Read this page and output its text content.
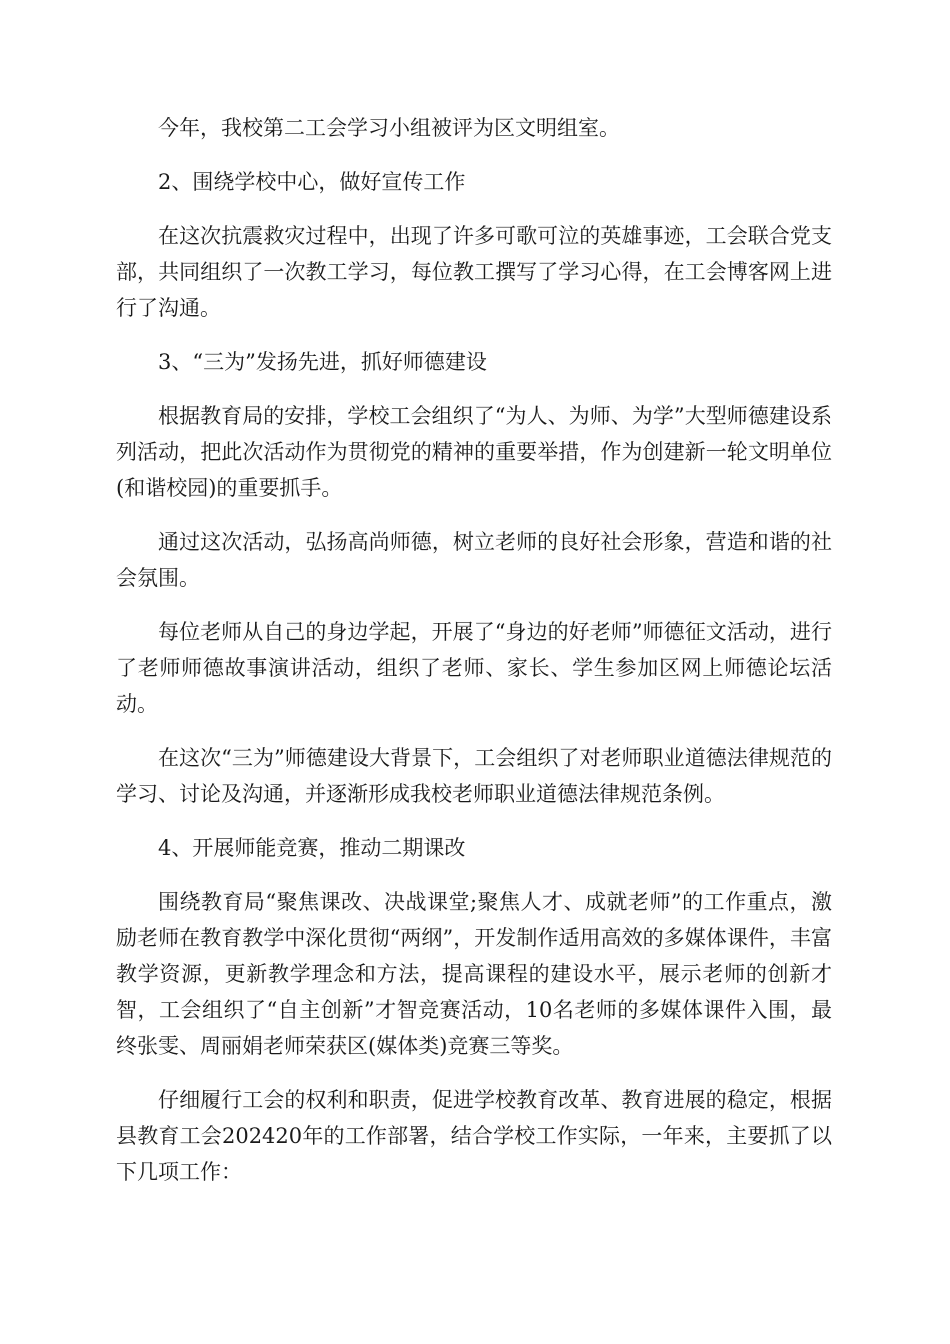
今年，我校第二工会学习小组被评为区文明组室。

2、围绕学校中心，做好宣传工作

在这次抗震救灾过程中，出现了许多可歌可泣的英雄事迹，工会联合党支部，共同组织了一次教工学习，每位教工撰写了学习心得，在工会博客网上进行了沟通。

3、“三为”发扬先进，抓好师德建设

根据教育局的安排，学校工会组织了“为人、为师、为学”大型师德建设系列活动，把此次活动作为贯彻党的精神的重要举措，作为创建新一轮文明单位(和谐校园)的重要抓手。

通过这次活动，弘扬高尚师德，树立老师的良好社会形象，营造和谐的社会氛围。

每位老师从自己的身边学起，开展了“身边的好老师”师德征文活动，进行了老师师德故事演讲活动，组织了老师、家长、学生参加区网上师德论坛活动。

在这次“三为”师德建设大背景下，工会组织了对老师职业道德法律规范的学习、讨论及沟通，并逐渐形成我校老师职业道德法律规范条例。

4、开展师能竞赛，推动二期课改

围绕教育局“聚焦课改、决战课堂;聚焦人才、成就老师”的工作重点，激励老师在教育教学中深化贯彻“两纲”，开发制作适用高效的多媒体课件，丰富教学资源，更新教学理念和方法，提高课程的建设水平，展示老师的创新才智，工会组织了“自主创新”才智竞赛活动，10名老师的多媒体课件入围，最终张雯、周丽娟老师荣获区(媒体类)竞赛三等奖。

仔细履行工会的权利和职责，促进学校教育改革、教育进展的稳定，根据县教育工会202420年的工作部署，结合学校工作实际，一年来，主要抓了以下几项工作：
